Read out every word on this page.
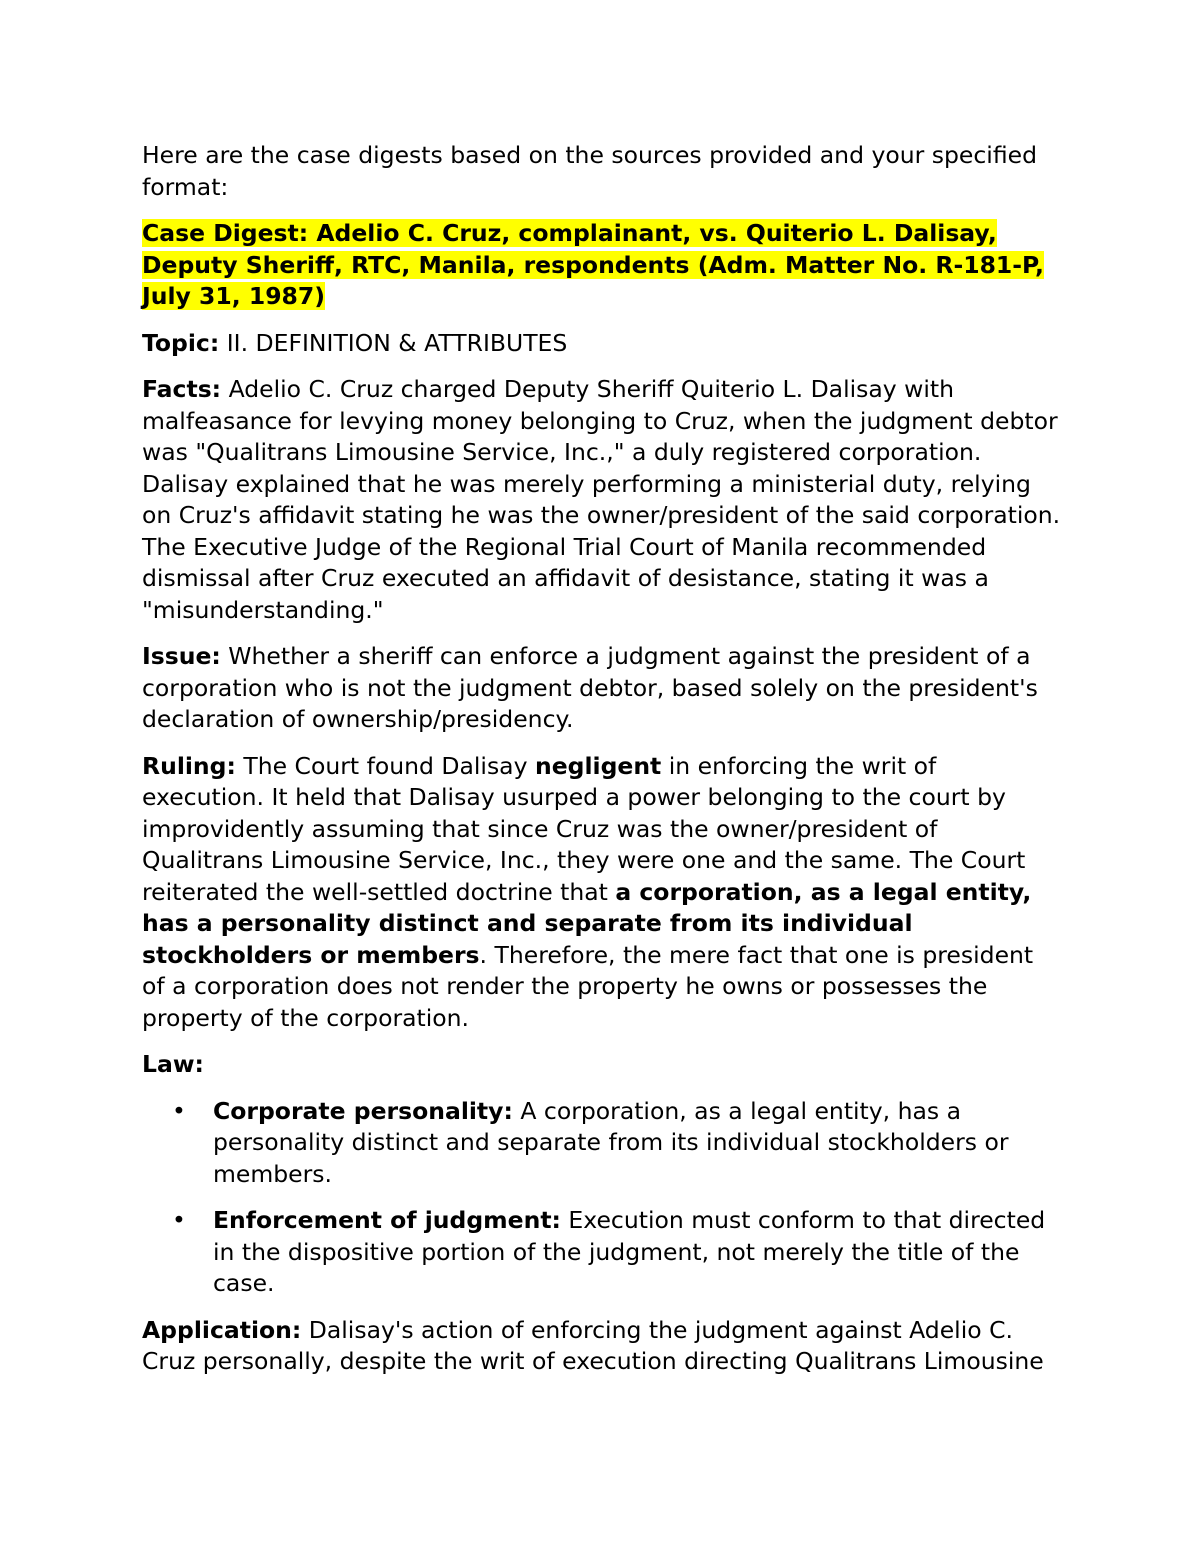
Here are the case digests based on the sources provided and your specified format:

Case Digest: Adelio C. Cruz, complainant, vs. Quiterio L. Dalisay, Deputy Sheriff, RTC, Manila, respondents (Adm. Matter No. R-181-P, July 31, 1987)

Topic: II. DEFINITION & ATTRIBUTES

Facts: Adelio C. Cruz charged Deputy Sheriff Quiterio L. Dalisay with malfeasance for levying money belonging to Cruz, when the judgment debtor was "Qualitrans Limousine Service, Inc.," a duly registered corporation. Dalisay explained that he was merely performing a ministerial duty, relying on Cruz's affidavit stating he was the owner/president of the said corporation. The Executive Judge of the Regional Trial Court of Manila recommended dismissal after Cruz executed an affidavit of desistance, stating it was a "misunderstanding."

Issue: Whether a sheriff can enforce a judgment against the president of a corporation who is not the judgment debtor, based solely on the president's declaration of ownership/presidency.

Ruling: The Court found Dalisay negligent in enforcing the writ of execution. It held that Dalisay usurped a power belonging to the court by improvidently assuming that since Cruz was the owner/president of Qualitrans Limousine Service, Inc., they were one and the same. The Court reiterated the well-settled doctrine that a corporation, as a legal entity, has a personality distinct and separate from its individual stockholders or members. Therefore, the mere fact that one is president of a corporation does not render the property he owns or possesses the property of the corporation.

Law:

• Corporate personality: A corporation, as a legal entity, has a personality distinct and separate from its individual stockholders or members.
• Enforcement of judgment: Execution must conform to that directed in the dispositive portion of the judgment, not merely the title of the case.

Application: Dalisay's action of enforcing the judgment against Adelio C. Cruz personally, despite the writ of execution directing Qualitrans Limousine
